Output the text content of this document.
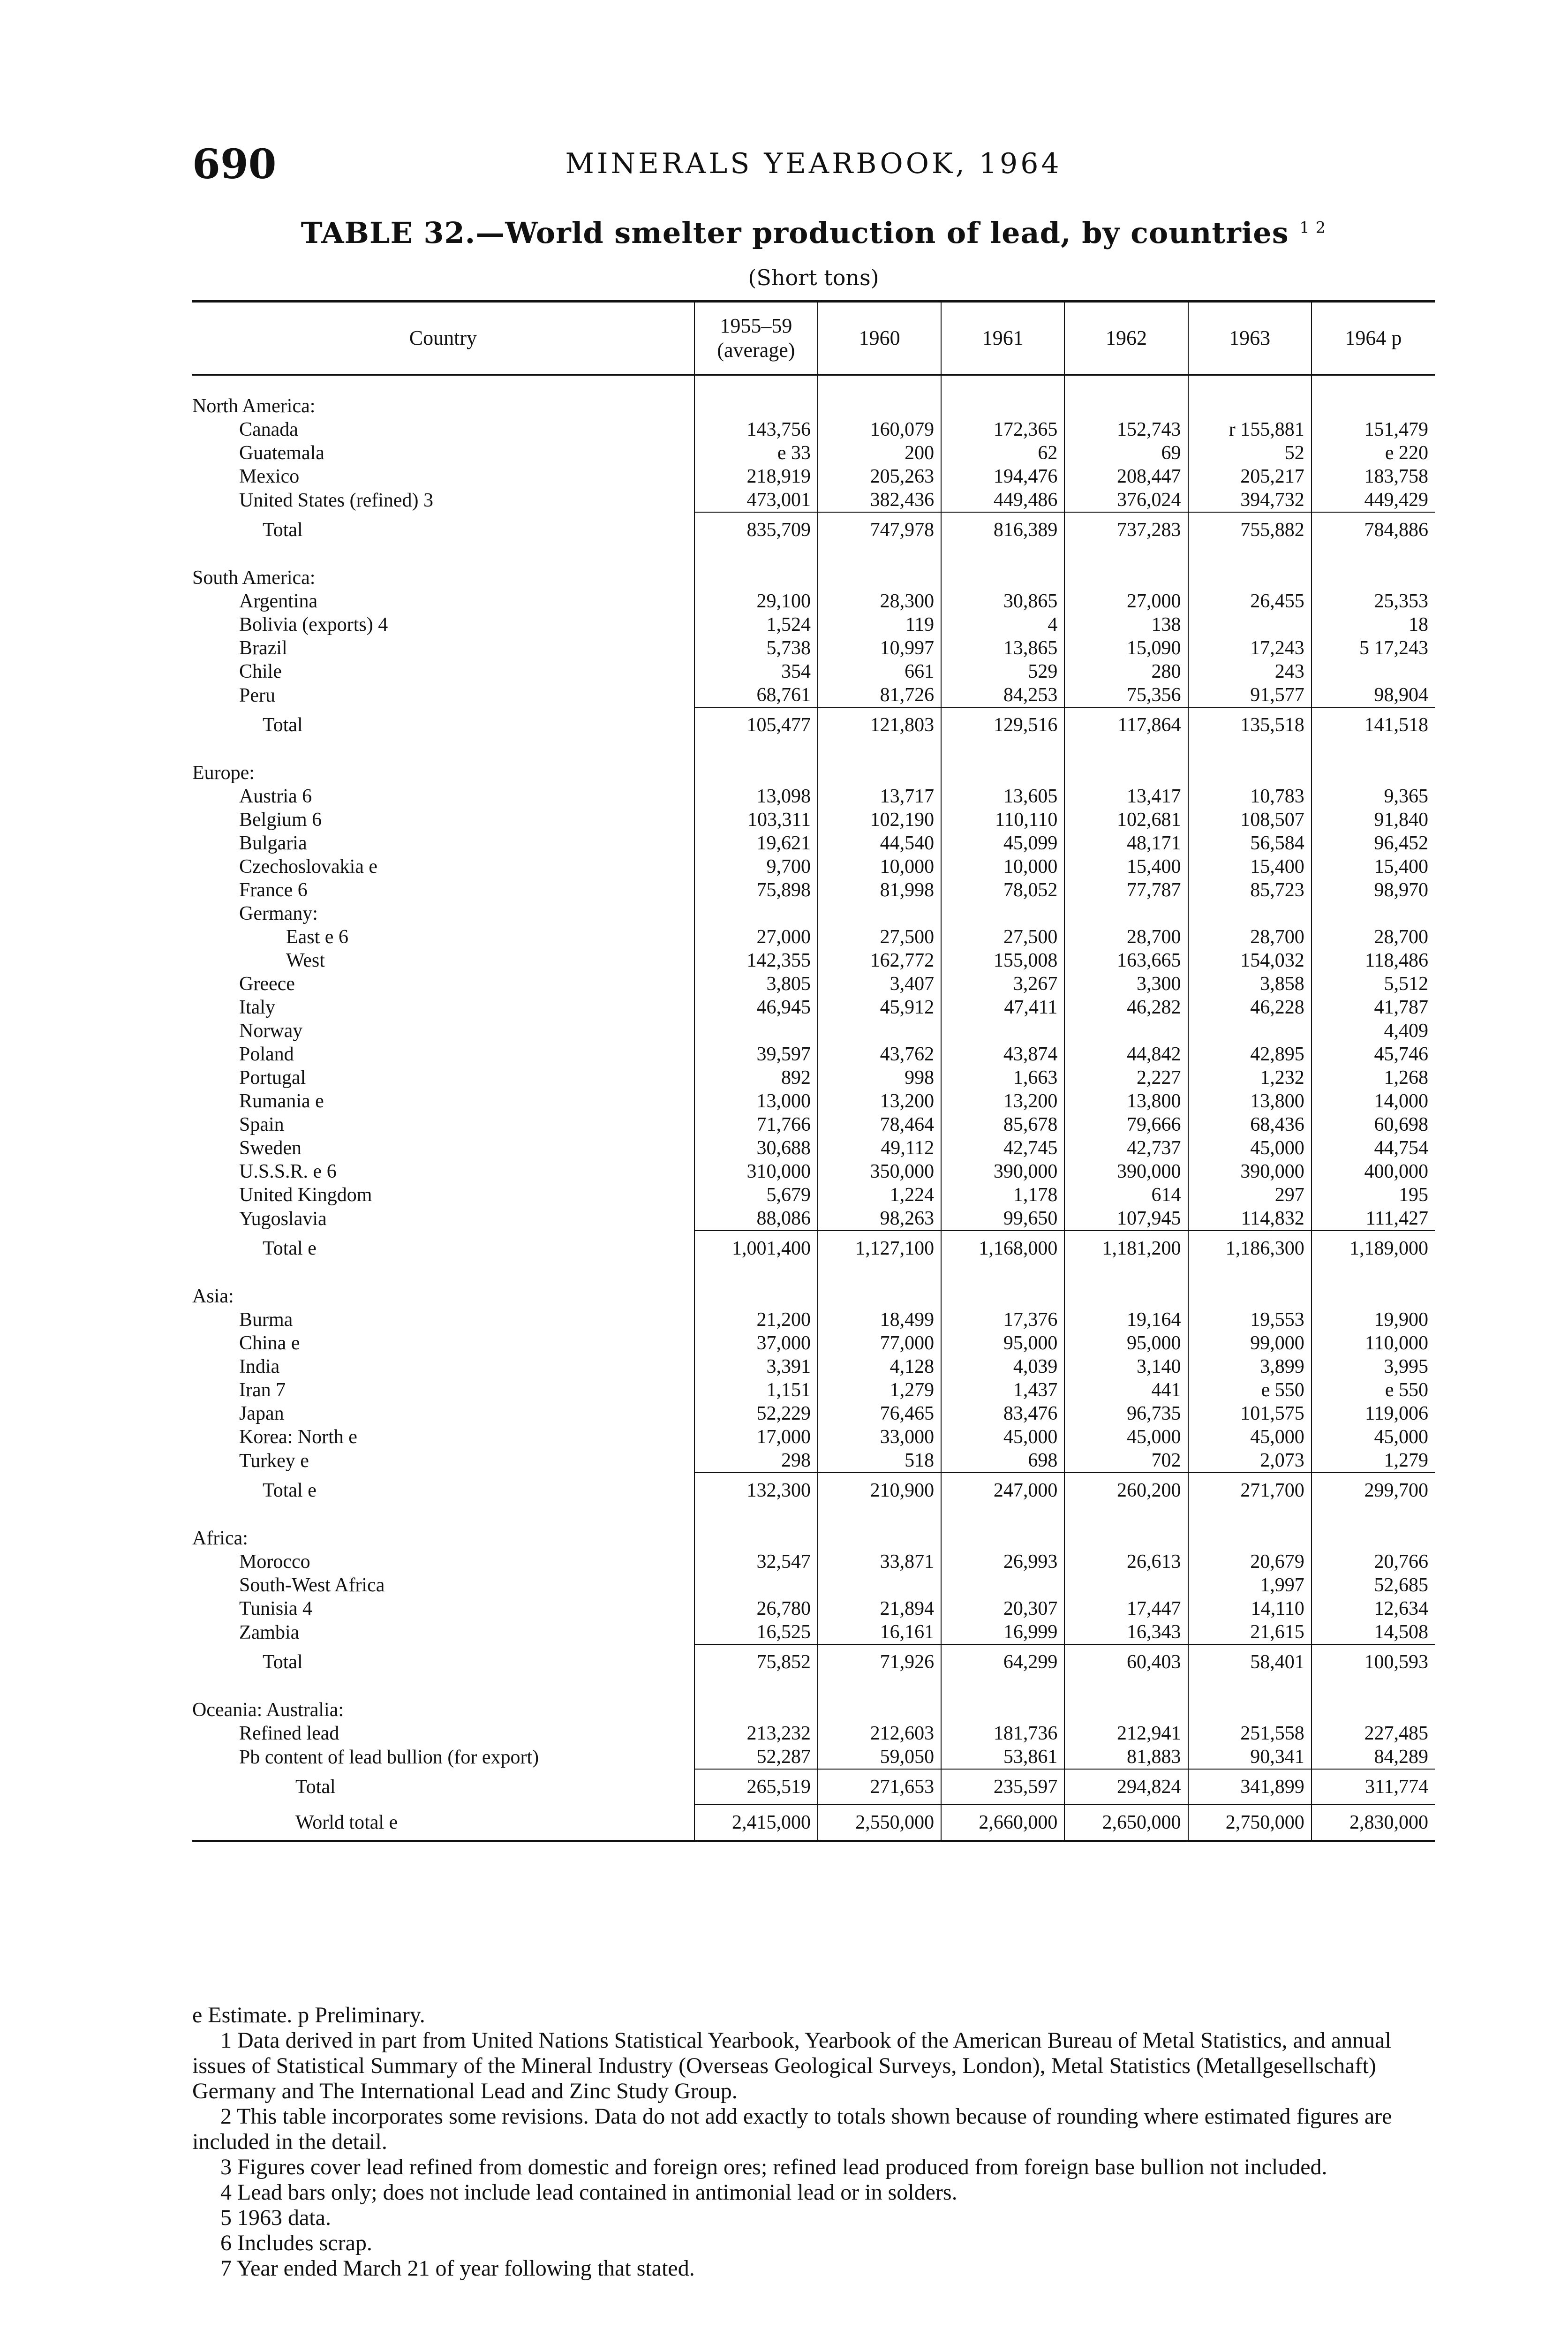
690	MINERALS YEARBOOK, 1964
TABLE 32.—World smelter production of lead, by countries $^{1 2}$
(Short tons)
Country	1955–59 (average)	1960	1961	1962	1963	1964 p

North America:						
Canada	143,756	160,079	172,365	152,743	r 155,881	151,479
Guatemala	e 33	200	62	69	52	e 220
Mexico	218,919	205,263	194,476	208,447	205,217	183,758
United States (refined) 3	473,001	382,436	449,486	376,024	394,732	449,429
Total	835,709	747,978	816,389	737,283	755,882	784,886

South America:						
Argentina	29,100	28,300	30,865	27,000	26,455	25,353
Bolivia (exports) 4	1,524	119	4	138		18
Brazil	5,738	10,997	13,865	15,090	17,243	5 17,243
Chile	354	661	529	280	243	
Peru	68,761	81,726	84,253	75,356	91,577	98,904
Total	105,477	121,803	129,516	117,864	135,518	141,518

Europe:						
Austria 6	13,098	13,717	13,605	13,417	10,783	9,365
Belgium 6	103,311	102,190	110,110	102,681	108,507	91,840
Bulgaria	19,621	44,540	45,099	48,171	56,584	96,452
Czechoslovakia e	9,700	10,000	10,000	15,400	15,400	15,400
France 6	75,898	81,998	78,052	77,787	85,723	98,970
Germany:						
East e 6	27,000	27,500	27,500	28,700	28,700	28,700
West	142,355	162,772	155,008	163,665	154,032	118,486
Greece	3,805	3,407	3,267	3,300	3,858	5,512
Italy	46,945	45,912	47,411	46,282	46,228	41,787
Norway						4,409
Poland	39,597	43,762	43,874	44,842	42,895	45,746
Portugal	892	998	1,663	2,227	1,232	1,268
Rumania e	13,000	13,200	13,200	13,800	13,800	14,000
Spain	71,766	78,464	85,678	79,666	68,436	60,698
Sweden	30,688	49,112	42,745	42,737	45,000	44,754
U.S.S.R. e 6	310,000	350,000	390,000	390,000	390,000	400,000
United Kingdom	5,679	1,224	1,178	614	297	195
Yugoslavia	88,086	98,263	99,650	107,945	114,832	111,427
Total e	1,001,400	1,127,100	1,168,000	1,181,200	1,186,300	1,189,000

Asia:						
Burma	21,200	18,499	17,376	19,164	19,553	19,900
China e	37,000	77,000	95,000	95,000	99,000	110,000
India	3,391	4,128	4,039	3,140	3,899	3,995
Iran 7	1,151	1,279	1,437	441	e 550	e 550
Japan	52,229	76,465	83,476	96,735	101,575	119,006
Korea: North e	17,000	33,000	45,000	45,000	45,000	45,000
Turkey e	298	518	698	702	2,073	1,279
Total e	132,300	210,900	247,000	260,200	271,700	299,700

Africa:						
Morocco	32,547	33,871	26,993	26,613	20,679	20,766
South-West Africa					1,997	52,685
Tunisia 4	26,780	21,894	20,307	17,447	14,110	12,634
Zambia	16,525	16,161	16,999	16,343	21,615	14,508
Total	75,852	71,926	64,299	60,403	58,401	100,593

Oceania: Australia:						
Refined lead	213,232	212,603	181,736	212,941	251,558	227,485
Pb content of lead bullion (for export)	52,287	59,050	53,861	81,883	90,341	84,289
Total	265,519	271,653	235,597	294,824	341,899	311,774
World total e	2,415,000	2,550,000	2,660,000	2,650,000	2,750,000	2,830,000

e Estimate. p Preliminary.

1 Data derived in part from United Nations Statistical Yearbook, Yearbook of the American Bureau of Metal Statistics, and annual issues of Statistical Summary of the Mineral Industry (Overseas Geological Surveys, London), Metal Statistics (Metallgesellschaft) Germany and The International Lead and Zinc Study Group.

2 This table incorporates some revisions. Data do not add exactly to totals shown because of rounding where estimated figures are included in the detail.

3 Figures cover lead refined from domestic and foreign ores; refined lead produced from foreign base bullion not included.

4 Lead bars only; does not include lead contained in antimonial lead or in solders.

5 1963 data.

6 Includes scrap.

7 Year ended March 21 of year following that stated.
